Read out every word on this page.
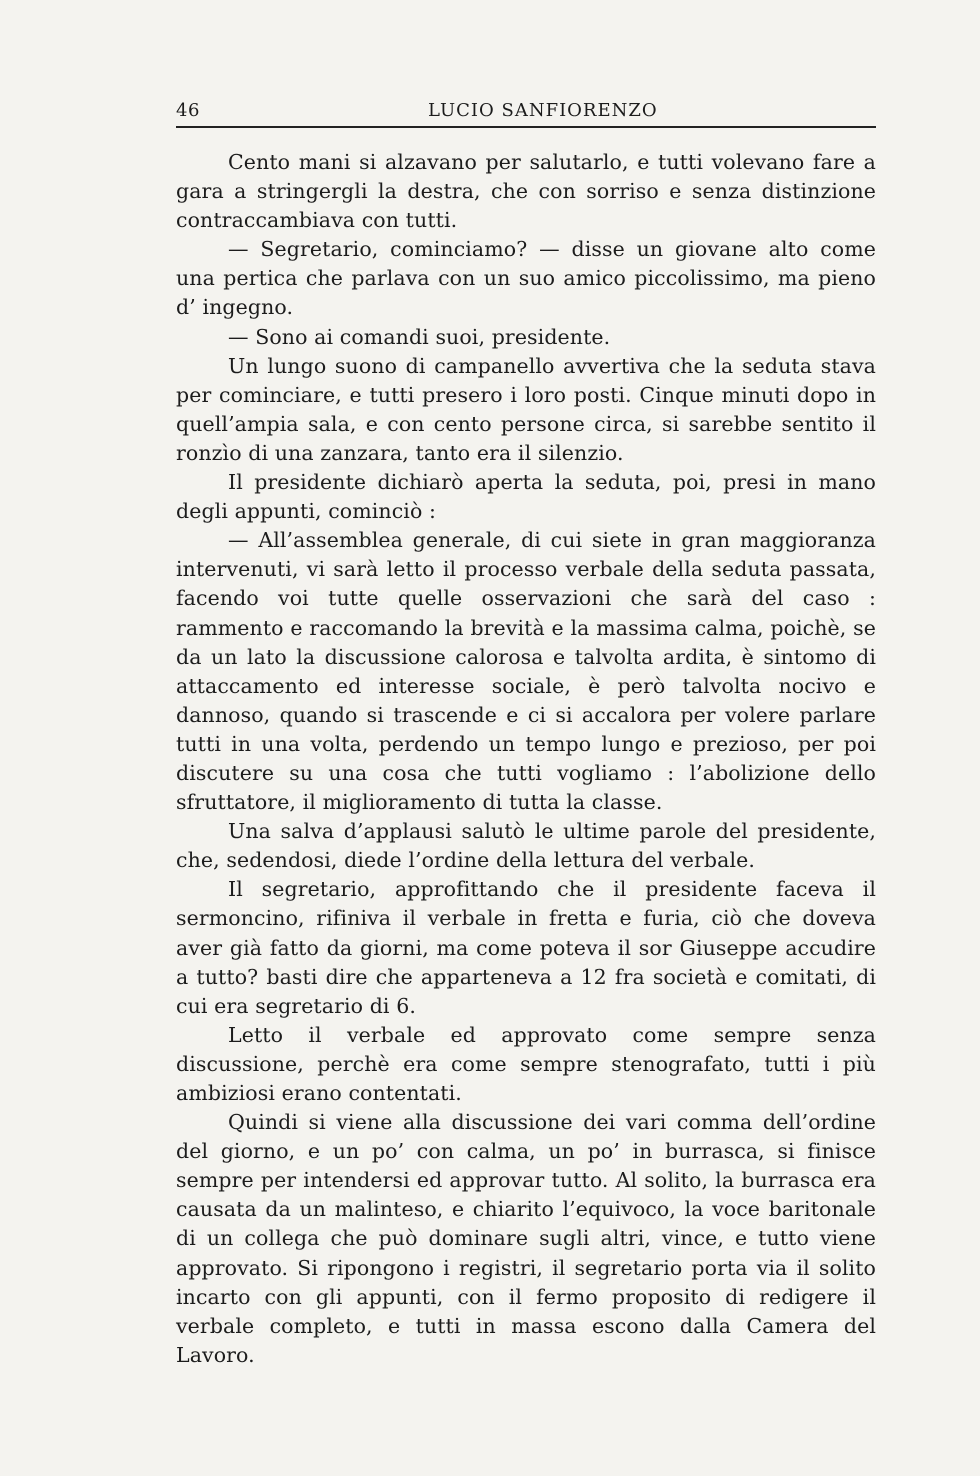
46	LUCIO SANFIORENZO

Cento mani si alzavano per salutarlo, e tutti volevano fare a gara a stringergli la destra, che con sorriso e senza distinzione contraccambiava con tutti.

— Segretario, cominciamo? — disse un giovane alto come una pertica che parlava con un suo amico piccolissimo, ma pieno d’ ingegno.

— Sono ai comandi suoi, presidente.

Un lungo suono di campanello avvertiva che la seduta stava per cominciare, e tutti presero i loro posti. Cinque minuti dopo in quell’ampia sala, e con cento persone circa, si sarebbe sentito il ronzìo di una zanzara, tanto era il silenzio.

Il presidente dichiarò aperta la seduta, poi, presi in mano degli appunti, cominciò :

— All’assemblea generale, di cui siete in gran maggioranza intervenuti, vi sarà letto il processo verbale della seduta passata, facendo voi tutte quelle osservazioni che sarà del caso : rammento e raccomando la brevità e la massima calma, poichè, se da un lato la discussione calorosa e talvolta ardita, è sintomo di attaccamento ed interesse sociale, è però talvolta nocivo e dannoso, quando si trascende e ci si accalora per volere parlare tutti in una volta, perdendo un tempo lungo e prezioso, per poi discutere su una cosa che tutti vogliamo : l’abolizione dello sfruttatore, il miglioramento di tutta la classe.

Una salva d’applausi salutò le ultime parole del presidente, che, sedendosi, diede l’ordine della lettura del verbale.

Il segretario, approfittando che il presidente faceva il sermoncino, rifiniva il verbale in fretta e furia, ciò che doveva aver già fatto da giorni, ma come poteva il sor Giuseppe accudire a tutto? basti dire che apparteneva a 12 fra società e comitati, di cui era segretario di 6.

Letto il verbale ed approvato come sempre senza discussione, perchè era come sempre stenografato, tutti i più ambiziosi erano contentati.

Quindi si viene alla discussione dei vari comma dell’ordine del giorno, e un po’ con calma, un po’ in burrasca, si finisce sempre per intendersi ed approvar tutto. Al solito, la burrasca era causata da un malinteso, e chiarito l’equivoco, la voce baritonale di un collega che può dominare sugli altri, vince, e tutto viene approvato. Si ripongono i registri, il segretario porta via il solito incarto con gli appunti, con il fermo proposito di redigere il verbale completo, e tutti in massa escono dalla Camera del Lavoro.
